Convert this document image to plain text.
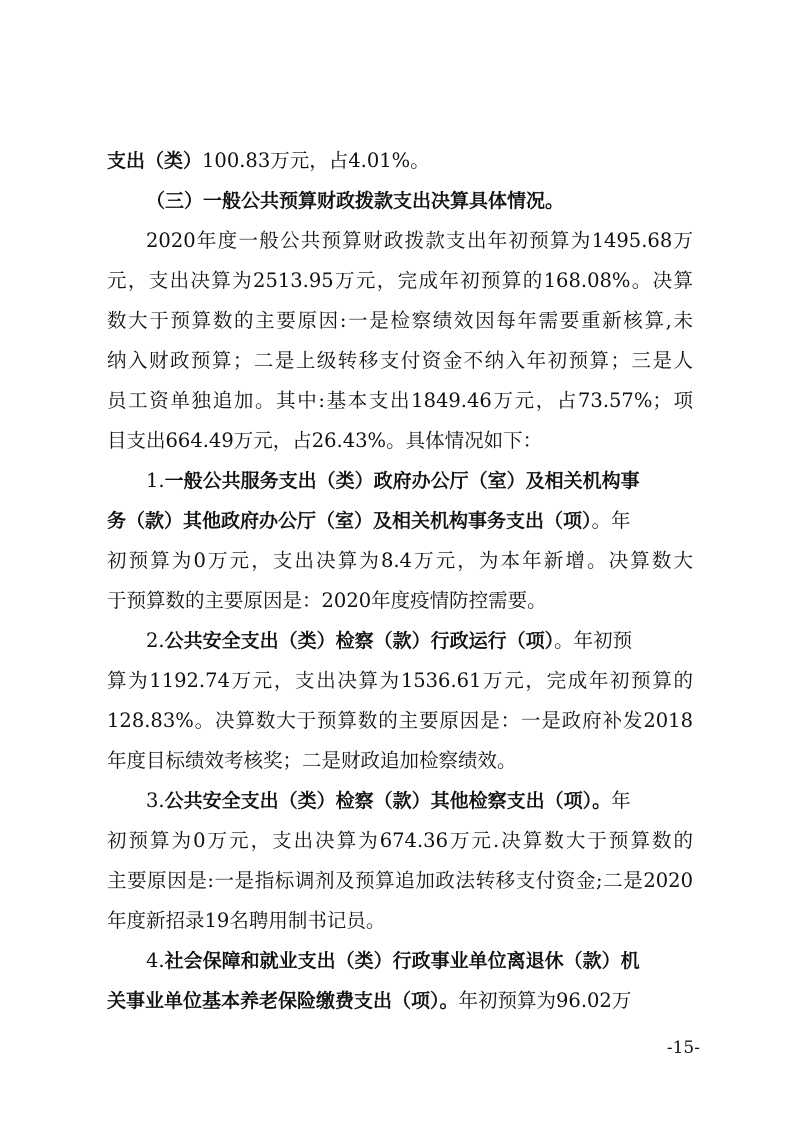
支出（类）100.83万元，占4.01%。
（三）一般公共预算财政拨款支出决算具体情况。
2020年度一般公共预算财政拨款支出年初预算为1495.68万
元，支出决算为2513.95万元，完成年初预算的168.08%。决算
数大于预算数的主要原因:一是检察绩效因每年需要重新核算,未
纳入财政预算；二是上级转移支付资金不纳入年初预算；三是人
员工资单独追加。其中:基本支出1849.46万元，占73.57%；项
目支出664.49万元，占26.43%。具体情况如下：
1.一般公共服务支出（类）政府办公厅（室）及相关机构事
务（款）其他政府办公厅（室）及相关机构事务支出（项）。年
初预算为0万元，支出决算为8.4万元，为本年新增。决算数大
于预算数的主要原因是：2020年度疫情防控需要。
2.公共安全支出（类）检察（款）行政运行（项）。年初预
算为1192.74万元，支出决算为1536.61万元，完成年初预算的
128.83%。决算数大于预算数的主要原因是：一是政府补发2018
年度目标绩效考核奖；二是财政追加检察绩效。
3.公共安全支出（类）检察（款）其他检察支出（项）。年
初预算为0万元，支出决算为674.36万元.决算数大于预算数的
主要原因是:一是指标调剂及预算追加政法转移支付资金;二是2020
年度新招录19名聘用制书记员。
4.社会保障和就业支出（类）行政事业单位离退休（款）机
关事业单位基本养老保险缴费支出（项）。年初预算为96.02万
-15-
